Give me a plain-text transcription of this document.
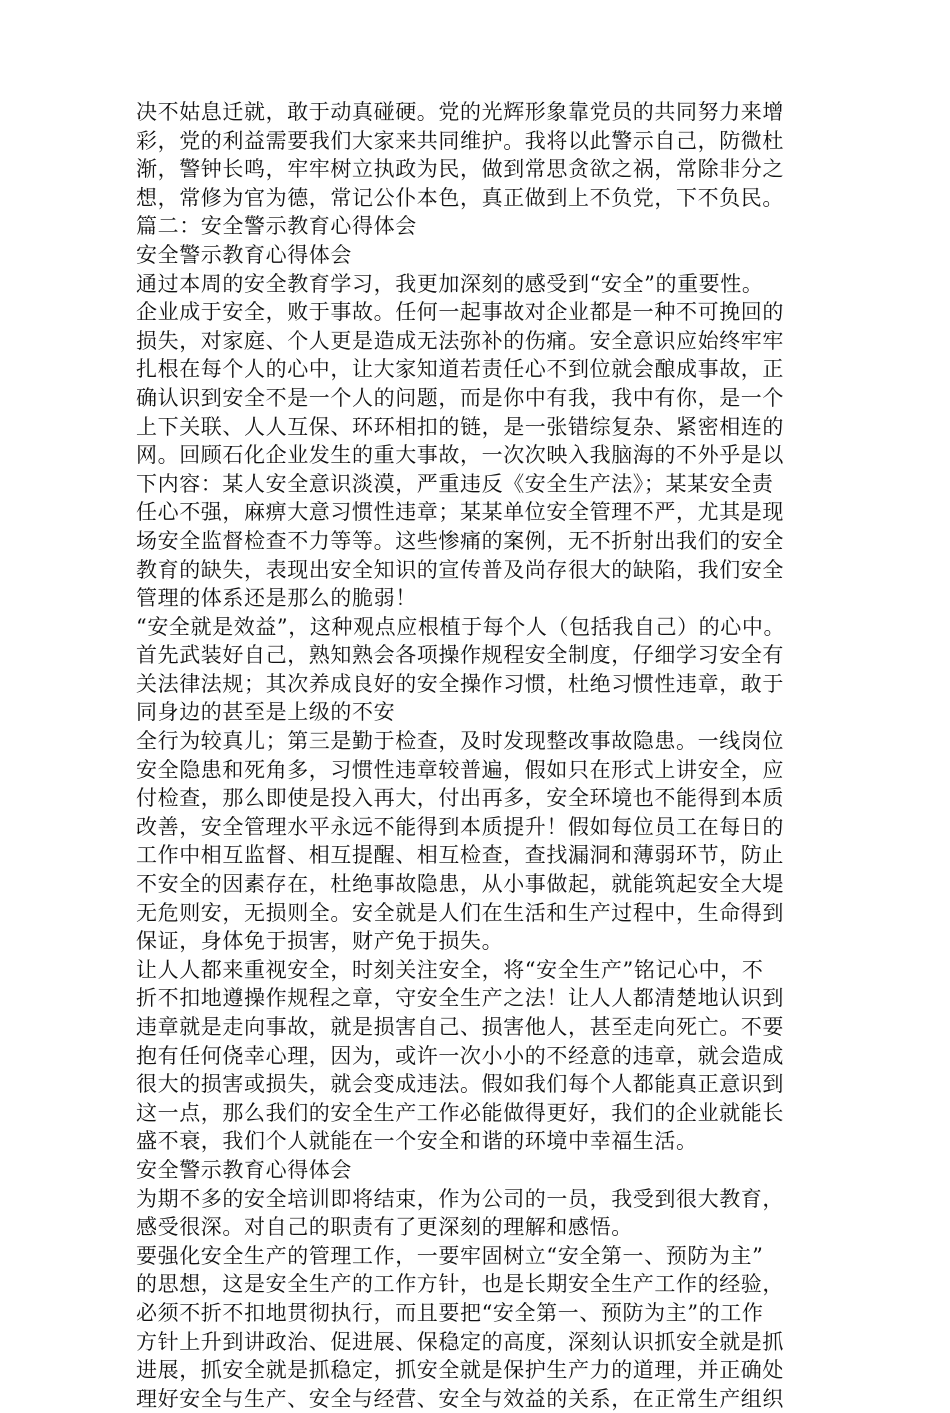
决不姑息迁就，敢于动真碰硬。党的光辉形象靠党员的共同努力来增
彩，党的利益需要我们大家来共同维护。我将以此警示自己，防微杜
渐，警钟长鸣，牢牢树立执政为民，做到常思贪欲之祸，常除非分之
想，常修为官为德，常记公仆本色，真正做到上不负党，下不负民。
篇二：安全警示教育心得体会
安全警示教育心得体会
通过本周的安全教育学习，我更加深刻的感受到“安全”的重要性。
企业成于安全，败于事故。任何一起事故对企业都是一种不可挽回的
损失，对家庭、个人更是造成无法弥补的伤痛。安全意识应始终牢牢
扎根在每个人的心中，让大家知道若责任心不到位就会酿成事故，正
确认识到安全不是一个人的问题，而是你中有我，我中有你，是一个
上下关联、人人互保、环环相扣的链，是一张错综复杂、紧密相连的
网。回顾石化企业发生的重大事故，一次次映入我脑海的不外乎是以
下内容：某人安全意识淡漠，严重违反《安全生产法》；某某安全责
任心不强，麻痹大意习惯性违章；某某单位安全管理不严，尤其是现
场安全监督检查不力等等。这些惨痛的案例，无不折射出我们的安全
教育的缺失，表现出安全知识的宣传普及尚存很大的缺陷，我们安全
管理的体系还是那么的脆弱！
“安全就是效益”，这种观点应根植于每个人（包括我自己）的心中。
首先武装好自己，熟知熟会各项操作规程安全制度，仔细学习安全有
关法律法规；其次养成良好的安全操作习惯，杜绝习惯性违章，敢于
同身边的甚至是上级的不安
全行为较真儿；第三是勤于检查，及时发现整改事故隐患。一线岗位
安全隐患和死角多，习惯性违章较普遍，假如只在形式上讲安全，应
付检查，那么即使是投入再大，付出再多，安全环境也不能得到本质
改善，安全管理水平永远不能得到本质提升！假如每位员工在每日的
工作中相互监督、相互提醒、相互检查，查找漏洞和薄弱环节，防止
不安全的因素存在，杜绝事故隐患，从小事做起，就能筑起安全大堤
无危则安，无损则全。安全就是人们在生活和生产过程中，生命得到
保证，身体免于损害，财产免于损失。
让人人都来重视安全，时刻关注安全，将“安全生产”铭记心中，不
折不扣地遵操作规程之章，守安全生产之法！让人人都清楚地认识到
违章就是走向事故，就是损害自己、损害他人，甚至走向死亡。不要
抱有任何侥幸心理，因为，或许一次小小的不经意的违章，就会造成
很大的损害或损失，就会变成违法。假如我们每个人都能真正意识到
这一点，那么我们的安全生产工作必能做得更好，我们的企业就能长
盛不衰，我们个人就能在一个安全和谐的环境中幸福生活。
安全警示教育心得体会
为期不多的安全培训即将结束，作为公司的一员，我受到很大教育，
感受很深。对自己的职责有了更深刻的理解和感悟。
要强化安全生产的管理工作，一要牢固树立“安全第一、预防为主”
的思想，这是安全生产的工作方针，也是长期安全生产工作的经验，
必须不折不扣地贯彻执行，而且要把“安全第一、预防为主”的工作
方针上升到讲政治、促进展、保稳定的高度，深刻认识抓安全就是抓
进展，抓安全就是抓稳定，抓安全就是保护生产力的道理，并正确处
理好安全与生产、安全与经营、安全与效益的关系，在正常生产组织
